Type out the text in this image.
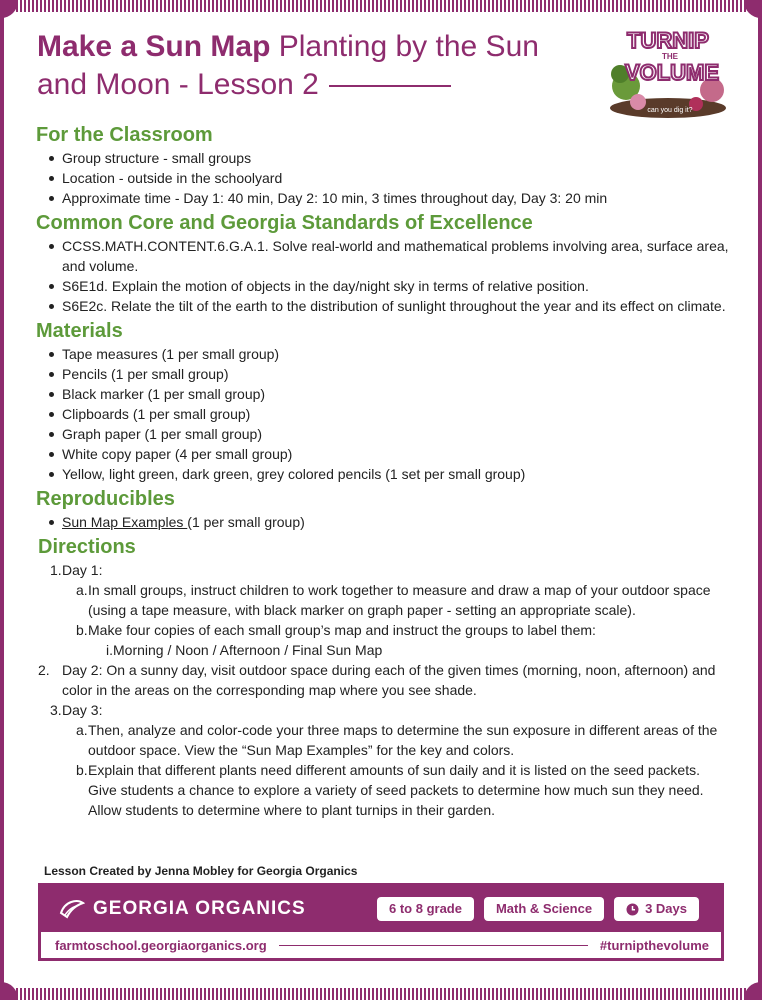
Make a Sun Map Planting by the Sun and Moon - Lesson 2
TURNIP
THE
VOLUME
can you dig it?
For the Classroom
Group structure - small groups
Location - outside in the schoolyard
Approximate time - Day 1: 40 min, Day 2: 10 min, 3 times throughout day, Day 3: 20 min
Common Core and Georgia Standards of Excellence
CCSS.MATH.CONTENT.6.G.A.1. Solve real-world and mathematical problems involving area, surface area, and volume.
S6E1d. Explain the motion of objects in the day/night sky in terms of relative position.
S6E2c. Relate the tilt of the earth to the distribution of sunlight throughout the year and its effect on climate.
Materials
Tape measures (1 per small group)
Pencils (1 per small group)
Black marker (1 per small group)
Clipboards (1 per small group)
Graph paper (1 per small group)
White copy paper (4 per small group)
Yellow, light green, dark green, grey colored pencils (1 set per small group)
Reproducibles
Sun Map Examples (1 per small group)
Directions
1.Day 1:
a. In small groups, instruct children to work together to measure and draw a map of your outdoor space (using a tape measure, with black marker on graph paper - setting an appropriate scale).
b. Make four copies of each small group’s map and instruct the groups to label them:
i.Morning / Noon / Afternoon / Final Sun Map
2. Day 2: On a sunny day, visit outdoor space during each of the given times (morning, noon, afternoon) and color in the areas on the corresponding map where you see shade.
3.Day 3:
a. Then, analyze and color-code your three maps to determine the sun exposure in different areas of the outdoor space. View the “Sun Map Examples” for the key and colors.
b. Explain that different plants need different amounts of sun daily and it is listed on the seed packets. Give students a chance to explore a variety of seed packets to determine how much sun they need. Allow students to determine where to plant turnips in their garden.
Lesson Created by Jenna Mobley for Georgia Organics
GEORGIA ORGANICS	6 to 8 grade	Math & Science	3 Days
farmtoschool.georgiaorganics.org	#turnipthevolume
